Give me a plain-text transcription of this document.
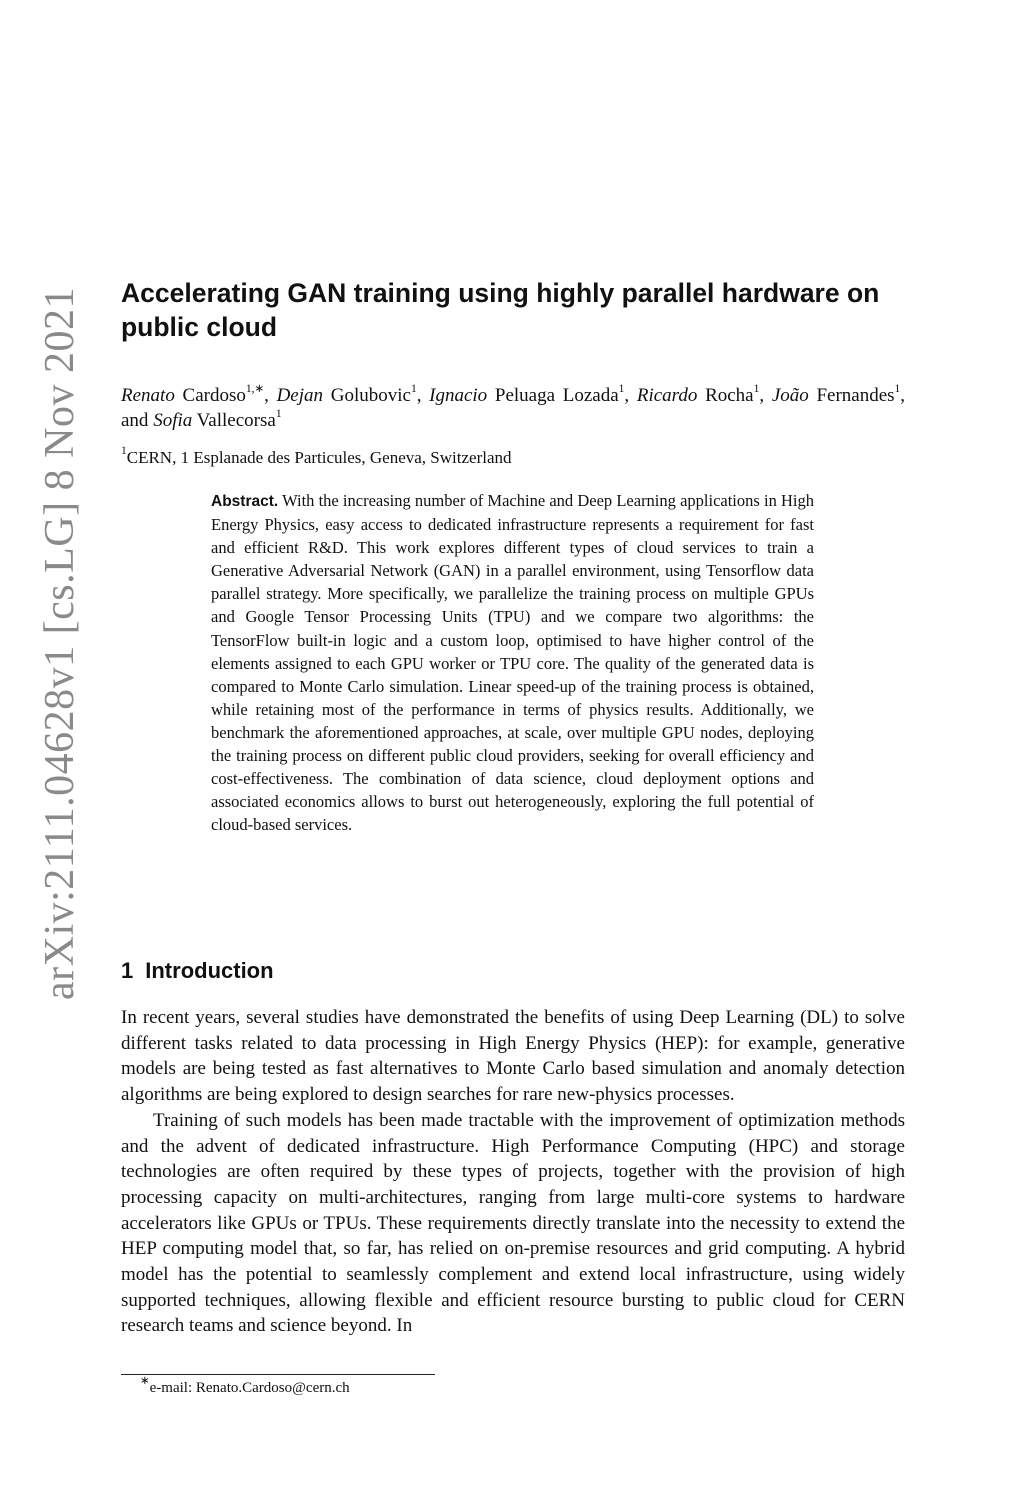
arXiv:2111.04628v1 [cs.LG] 8 Nov 2021 Accelerating GAN training using highly parallel hardware on public cloud
Renato Cardoso$^{1,∗}$, Dejan Golubovic$^1$, Ignacio Peluaga Lozada$^1$, Ricardo Rocha$^1$, João Fernandes$^1$, and Sofia Vallecorsa$^1$
$^1$CERN, 1 Esplanade des Particules, Geneva, Switzerland
Abstract. With the increasing number of Machine and Deep Learning applications in High Energy Physics, easy access to dedicated infrastructure represents a requirement for fast and efficient R&D. This work explores different types of cloud services to train a Generative Adversarial Network (GAN) in a parallel environment, using Tensorflow data parallel strategy. More specifically, we parallelize the training process on multiple GPUs and Google Tensor Processing Units (TPU) and we compare two algorithms: the TensorFlow built-in logic and a custom loop, optimised to have higher control of the elements assigned to each GPU worker or TPU core. The quality of the generated data is compared to Monte Carlo simulation. Linear speed-up of the training process is obtained, while retaining most of the performance in terms of physics results. Additionally, we benchmark the aforementioned approaches, at scale, over multiple GPU nodes, deploying the training process on different public cloud providers, seeking for overall efficiency and cost-effectiveness. The combination of data science, cloud deployment options and associated economics allows to burst out heterogeneously, exploring the full potential of cloud-based services.
1 Introduction

In recent years, several studies have demonstrated the benefits of using Deep Learning (DL) to solve different tasks related to data processing in High Energy Physics (HEP): for example, generative models are being tested as fast alternatives to Monte Carlo based simulation and anomaly detection algorithms are being explored to design searches for rare new-physics processes.

Training of such models has been made tractable with the improvement of optimization methods and the advent of dedicated infrastructure. High Performance Computing (HPC) and storage technologies are often required by these types of projects, together with the provision of high processing capacity on multi-architectures, ranging from large multi-core systems to hardware accelerators like GPUs or TPUs. These requirements directly translate into the necessity to extend the HEP computing model that, so far, has relied on on-premise resources and grid computing. A hybrid model has the potential to seamlessly complement and extend local infrastructure, using widely supported techniques, allowing flexible and efficient resource bursting to public cloud for CERN research teams and science beyond. In

∗e-mail: Renato.Cardoso@cern.ch
